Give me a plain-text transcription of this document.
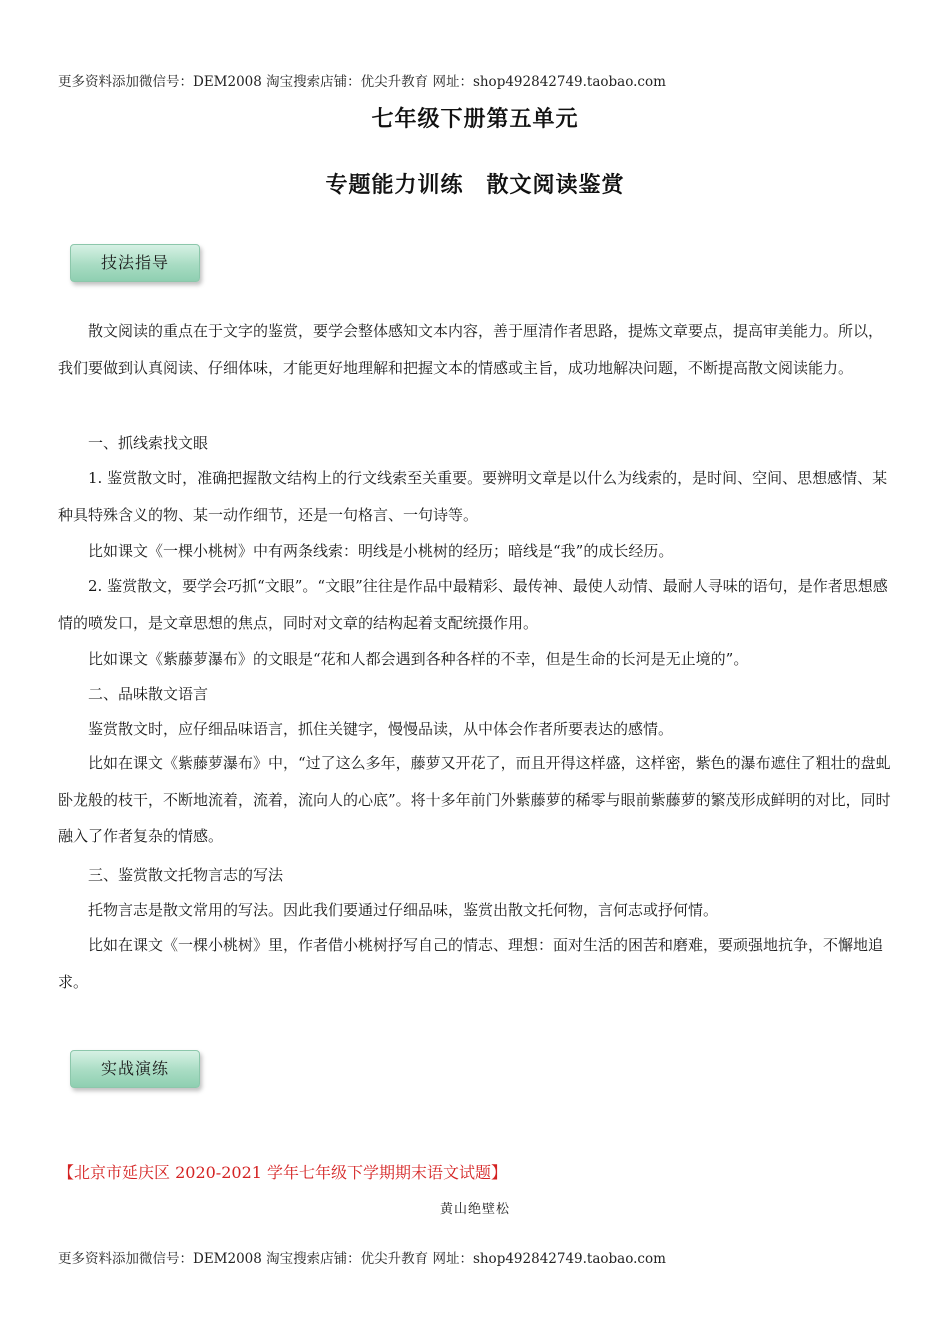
更多资料添加微信号：DEM2008 淘宝搜索店铺：优尖升教育 网址：shop492842749.taobao.com
七年级下册第五单元
专题能力训练　散文阅读鉴赏
技法指导
散文阅读的重点在于文字的鉴赏，要学会整体感知文本内容，善于厘清作者思路，提炼文章要点，提高审美能力。所以，我们要做到认真阅读、仔细体味，才能更好地理解和把握文本的情感或主旨，成功地解决问题，不断提高散文阅读能力。
一、抓线索找文眼
1. 鉴赏散文时，准确把握散文结构上的行文线索至关重要。要辨明文章是以什么为线索的，是时间、空间、思想感情、某种具特殊含义的物、某一动作细节，还是一句格言、一句诗等。
比如课文《一棵小桃树》中有两条线索：明线是小桃树的经历；暗线是“我”的成长经历。
2. 鉴赏散文，要学会巧抓“文眼”。“文眼”往往是作品中最精彩、最传神、最使人动情、最耐人寻味的语句，是作者思想感情的喷发口，是文章思想的焦点，同时对文章的结构起着支配统摄作用。
比如课文《紫藤萝瀑布》的文眼是“花和人都会遇到各种各样的不幸，但是生命的长河是无止境的”。
二、品味散文语言
鉴赏散文时，应仔细品味语言，抓住关键字，慢慢品读，从中体会作者所要表达的感情。
比如在课文《紫藤萝瀑布》中，“过了这么多年，藤萝又开花了，而且开得这样盛，这样密，紫色的瀑布遮住了粗壮的盘虬卧龙般的枝干，不断地流着，流着，流向人的心底”。将十多年前门外紫藤萝的稀零与眼前紫藤萝的繁茂形成鲜明的对比，同时融入了作者复杂的情感。
三、鉴赏散文托物言志的写法
托物言志是散文常用的写法。因此我们要通过仔细品味，鉴赏出散文托何物，言何志或抒何情。
比如在课文《一棵小桃树》里，作者借小桃树抒写自己的情志、理想：面对生活的困苦和磨难，要顽强地抗争，不懈地追求。
实战演练
【北京市延庆区 2020-2021 学年七年级下学期期末语文试题】
黄山绝壁松
更多资料添加微信号：DEM2008 淘宝搜索店铺：优尖升教育 网址：shop492842749.taobao.com
